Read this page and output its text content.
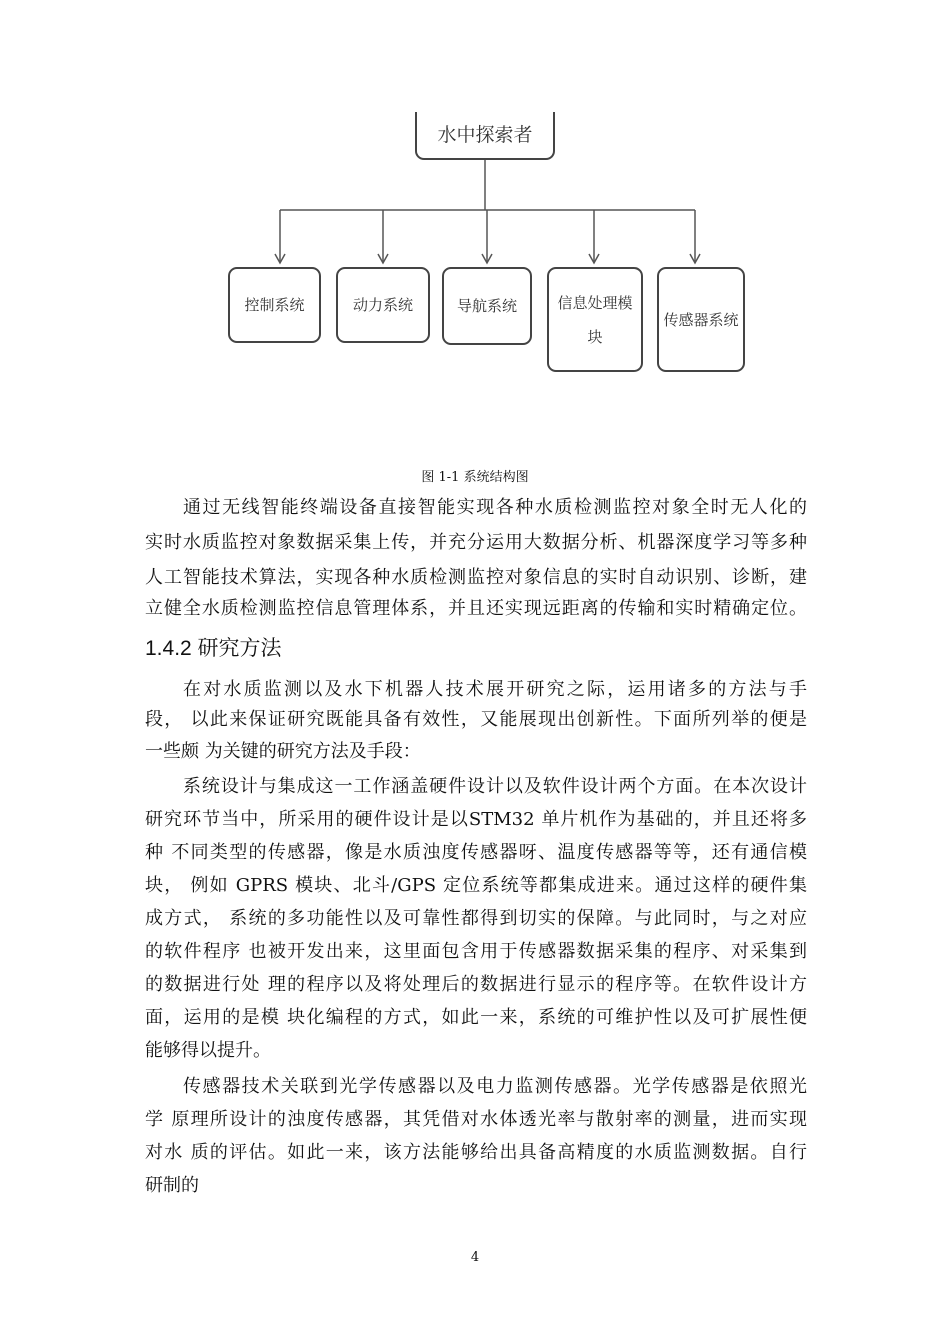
水中探索者
控制系统	动力系统	导航系统	信息处理模块
传感器系统
图 1-1 系统结构图
通过无线智能终端设备直接智能实现各种水质检测监控对象全时无人化的
实时水质监控对象数据采集上传，并充分运用大数据分析、机器深度学习等多种
人工智能技术算法，实现各种水质检测监控对象信息的实时自动识别、诊断，建
立健全水质检测监控信息管理体系，并且还实现远距离的传输和实时精确定位。
1.4.2 研究方法
在对水质监测以及水下机器人技术展开研究之际，运用诸多的方法与手
段， 以此来保证研究既能具备有效性，又能展现出创新性。下面所列举的便是
一些颇 为关键的研究方法及手段：
系统设计与集成这一工作涵盖硬件设计以及软件设计两个方面。在本次设计
研究环节当中，所采用的硬件设计是以STM32 单片机作为基础的，并且还将多
种 不同类型的传感器，像是水质浊度传感器呀、温度传感器等等，还有通信模
块， 例如 GPRS 模块、北斗/GPS 定位系统等都集成进来。通过这样的硬件集
成方式， 系统的多功能性以及可靠性都得到切实的保障。与此同时，与之对应
的软件程序 也被开发出来，这里面包含用于传感器数据采集的程序、对采集到
的数据进行处 理的程序以及将处理后的数据进行显示的程序等。在软件设计方
面，运用的是模 块化编程的方式，如此一来，系统的可维护性以及可扩展性便
能够得以提升。
传感器技术关联到光学传感器以及电力监测传感器。光学传感器是依照光
学 原理所设计的浊度传感器，其凭借对水体透光率与散射率的测量，进而实现
对水 质的评估。如此一来，该方法能够给出具备高精度的水质监测数据。自行
研制的
4
